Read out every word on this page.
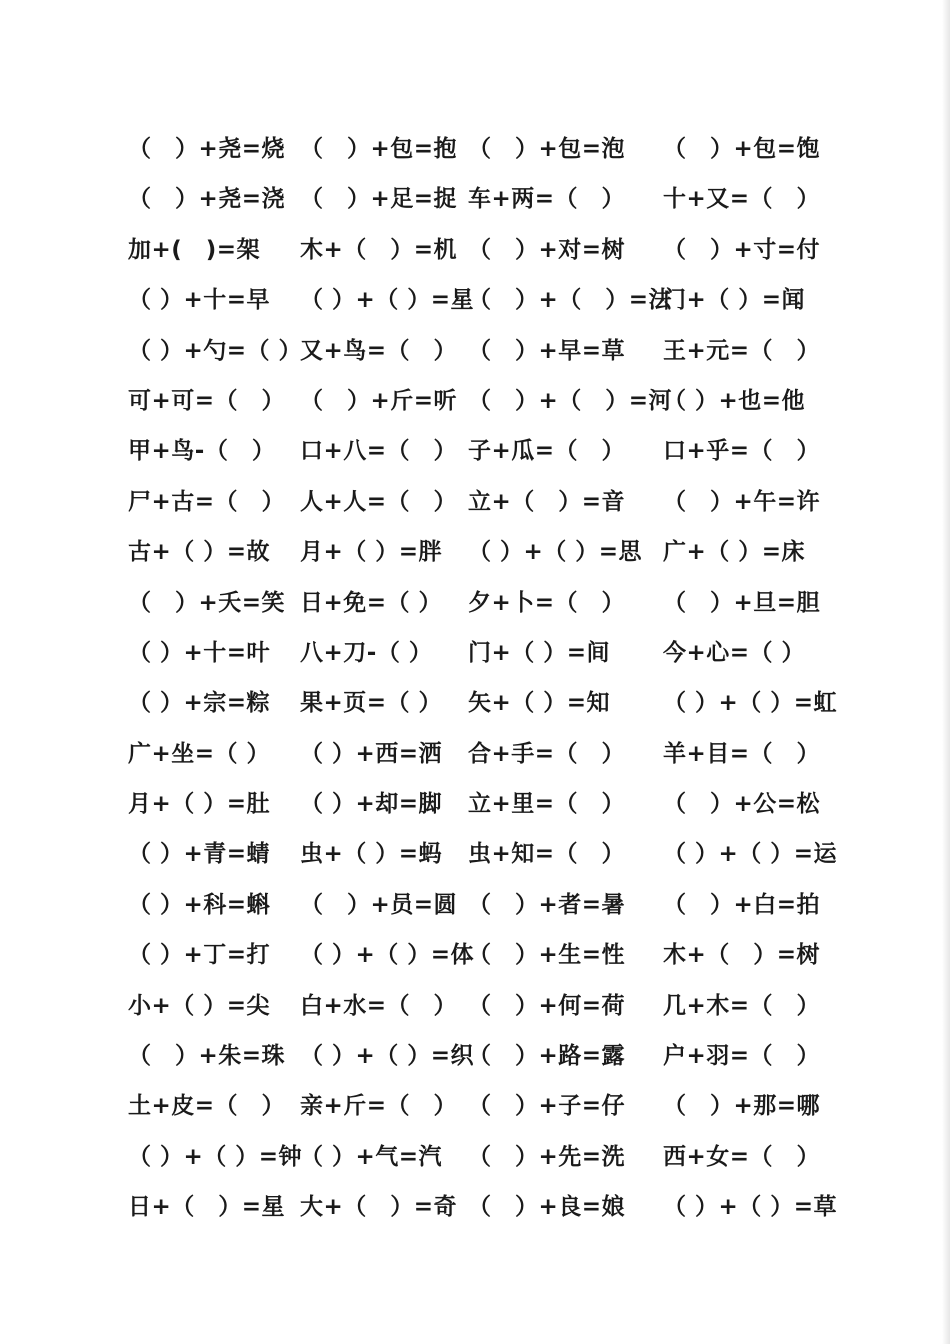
（　）+尧=烧 （　）+包=抱 （　）+包=泡 （　）+包=饱
（　）+尧=浇 （　）+足=捉 车+两=（　） 十+又=（　）
加+(　)=架 木+（　）=机 （　）+对=树 （　）+寸=付
（ ）+十=早 （ ）+（ ）=星
（　）+（　）=法
门+（ ）=闻
（ ）+勺=（ ）
又+鸟=（　） （　）+早=草 王+元=（　）
可+可=（　） （　）+斤=听 （　）+（　）=河
（ ）+也=他
甲+鸟-（　） 口+八=（　） 子+瓜=（　） 口+乎=（　）
尸+古=（　） 人+人=（　） 立+（　）=音 （　）+午=许
古+（ ）=故 月+（ ）=胖 （ ）+（ ）=思 广+（ ）=床
（　）+夭=笑 日+免=（ ） 夕+卜=（　） （　）+旦=胆
（ ）+十=叶 八+刀-（ ） 门+（ ）=间 今+心=（ ）
（ ）+宗=粽 果+页=（ ） 矢+（ ）=知 （ ）+（ ）=虹
广+坐=（ ） （ ）+西=洒 合+手=（　） 羊+目=（　）
月+（ ）=肚 （ ）+却=脚 立+里=（　） （　）+公=松
（ ）+青=蜻 虫+（ ）=蚂 虫+知=（　） （ ）+（ ）=运
（ ）+科=蝌 （　）+员=圆 （　）+者=暑 （　）+白=拍
（ ）+丁=打 （ ）+（ ）=体
（　）+生=性 木+（　）=树
小+（ ）=尖 白+水=（　） （　）+何=荷 几+木=（　）
（　）+朱=珠 （ ）+（ ）=织
（　）+路=露 户+羽=（　）
土+皮=（　） 亲+斤=（　） （　）+子=仔 （　）+那=哪
（ ）+（ ）=钟
（ ）+气=汽 （　）+先=洗 西+女=（　）
日+（　）=星 大+（　）=奇 （　）+良=娘 （ ）+（ ）=草
